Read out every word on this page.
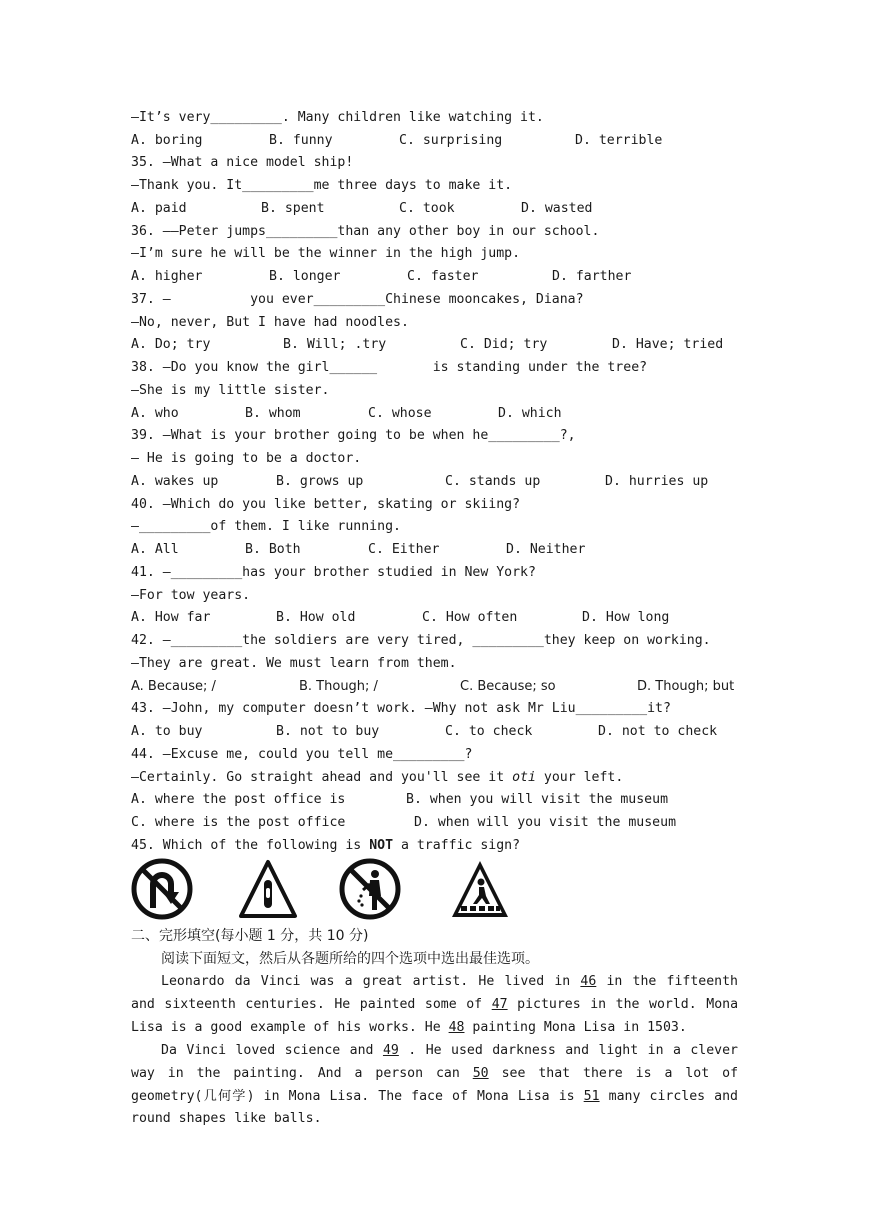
—It’s very_________. Many children like watching it.
A. boring	B. funny	C. surprising	D. terrible
35. —What a nice model ship!
—Thank you. It_________me three days to make it.
A. paid	B. spent	C. took	D. wasted
36. ——Peter jumps_________than any other boy in our school.
—I’m sure he will be the winner in the high jump.
A. higher	B. longer	C. faster	D. farther
37. —          you ever_________Chinese mooncakes, Diana?
—No, never, But I have had noodles.
A. Do; try	B. Will; .try	C. Did; try	D. Have; tried
38. —Do you know the girl______       is standing under the tree?
—She is my little sister.
A. who	B. whom	C. whose	D. which
39. —What is your brother going to be when he_________?,
— He is going to be a doctor.
A. wakes up	B. grows up	C. stands up	D. hurries up
40. —Which do you like better, skating or skiing?
—_________of them. I like running.
A. All	B. Both	C. Either	D. Neither
41. —_________has your brother studied in New York?
—For tow years.
A. How far	B. How old	C. How often	D. How long
42. —_________the soldiers are very tired, _________they keep on working.
—They are great. We must learn from them.
A. Because; /	B. Though; /	C. Because; so	D. Though; but
43. —John, my computer doesn’t work. —Why not ask Mr Liu_________it?
A. to buy	B. not to buy	C. to check	D. not to check
44. —Excuse me, could you tell me_________?
—Certainly. Go straight ahead and you'll see it oti your left.
A. where the post office is	B. when you will visit the museum
C. where is the post office	D. when will you visit the museum
45. Which of the following is NOT a traffic sign?
二、完形填空(每小题 1 分，共 10 分)
阅读下面短文，然后从各题所给的四个选项中选出最佳选项。
Leonardo da Vinci was a great artist. He lived in 46 in the fifteenth and sixteenth centuries. He painted some of 47 pictures in the world. Mona Lisa is a good example of his works. He 48 painting Mona Lisa in 1503.
Da Vinci loved science and 49 . He used darkness and light in a clever way in the painting. And a person can 50 see that there is a lot of geometry(几何学) in Mona Lisa. The face of Mona Lisa is 51 many circles and round shapes like balls.
